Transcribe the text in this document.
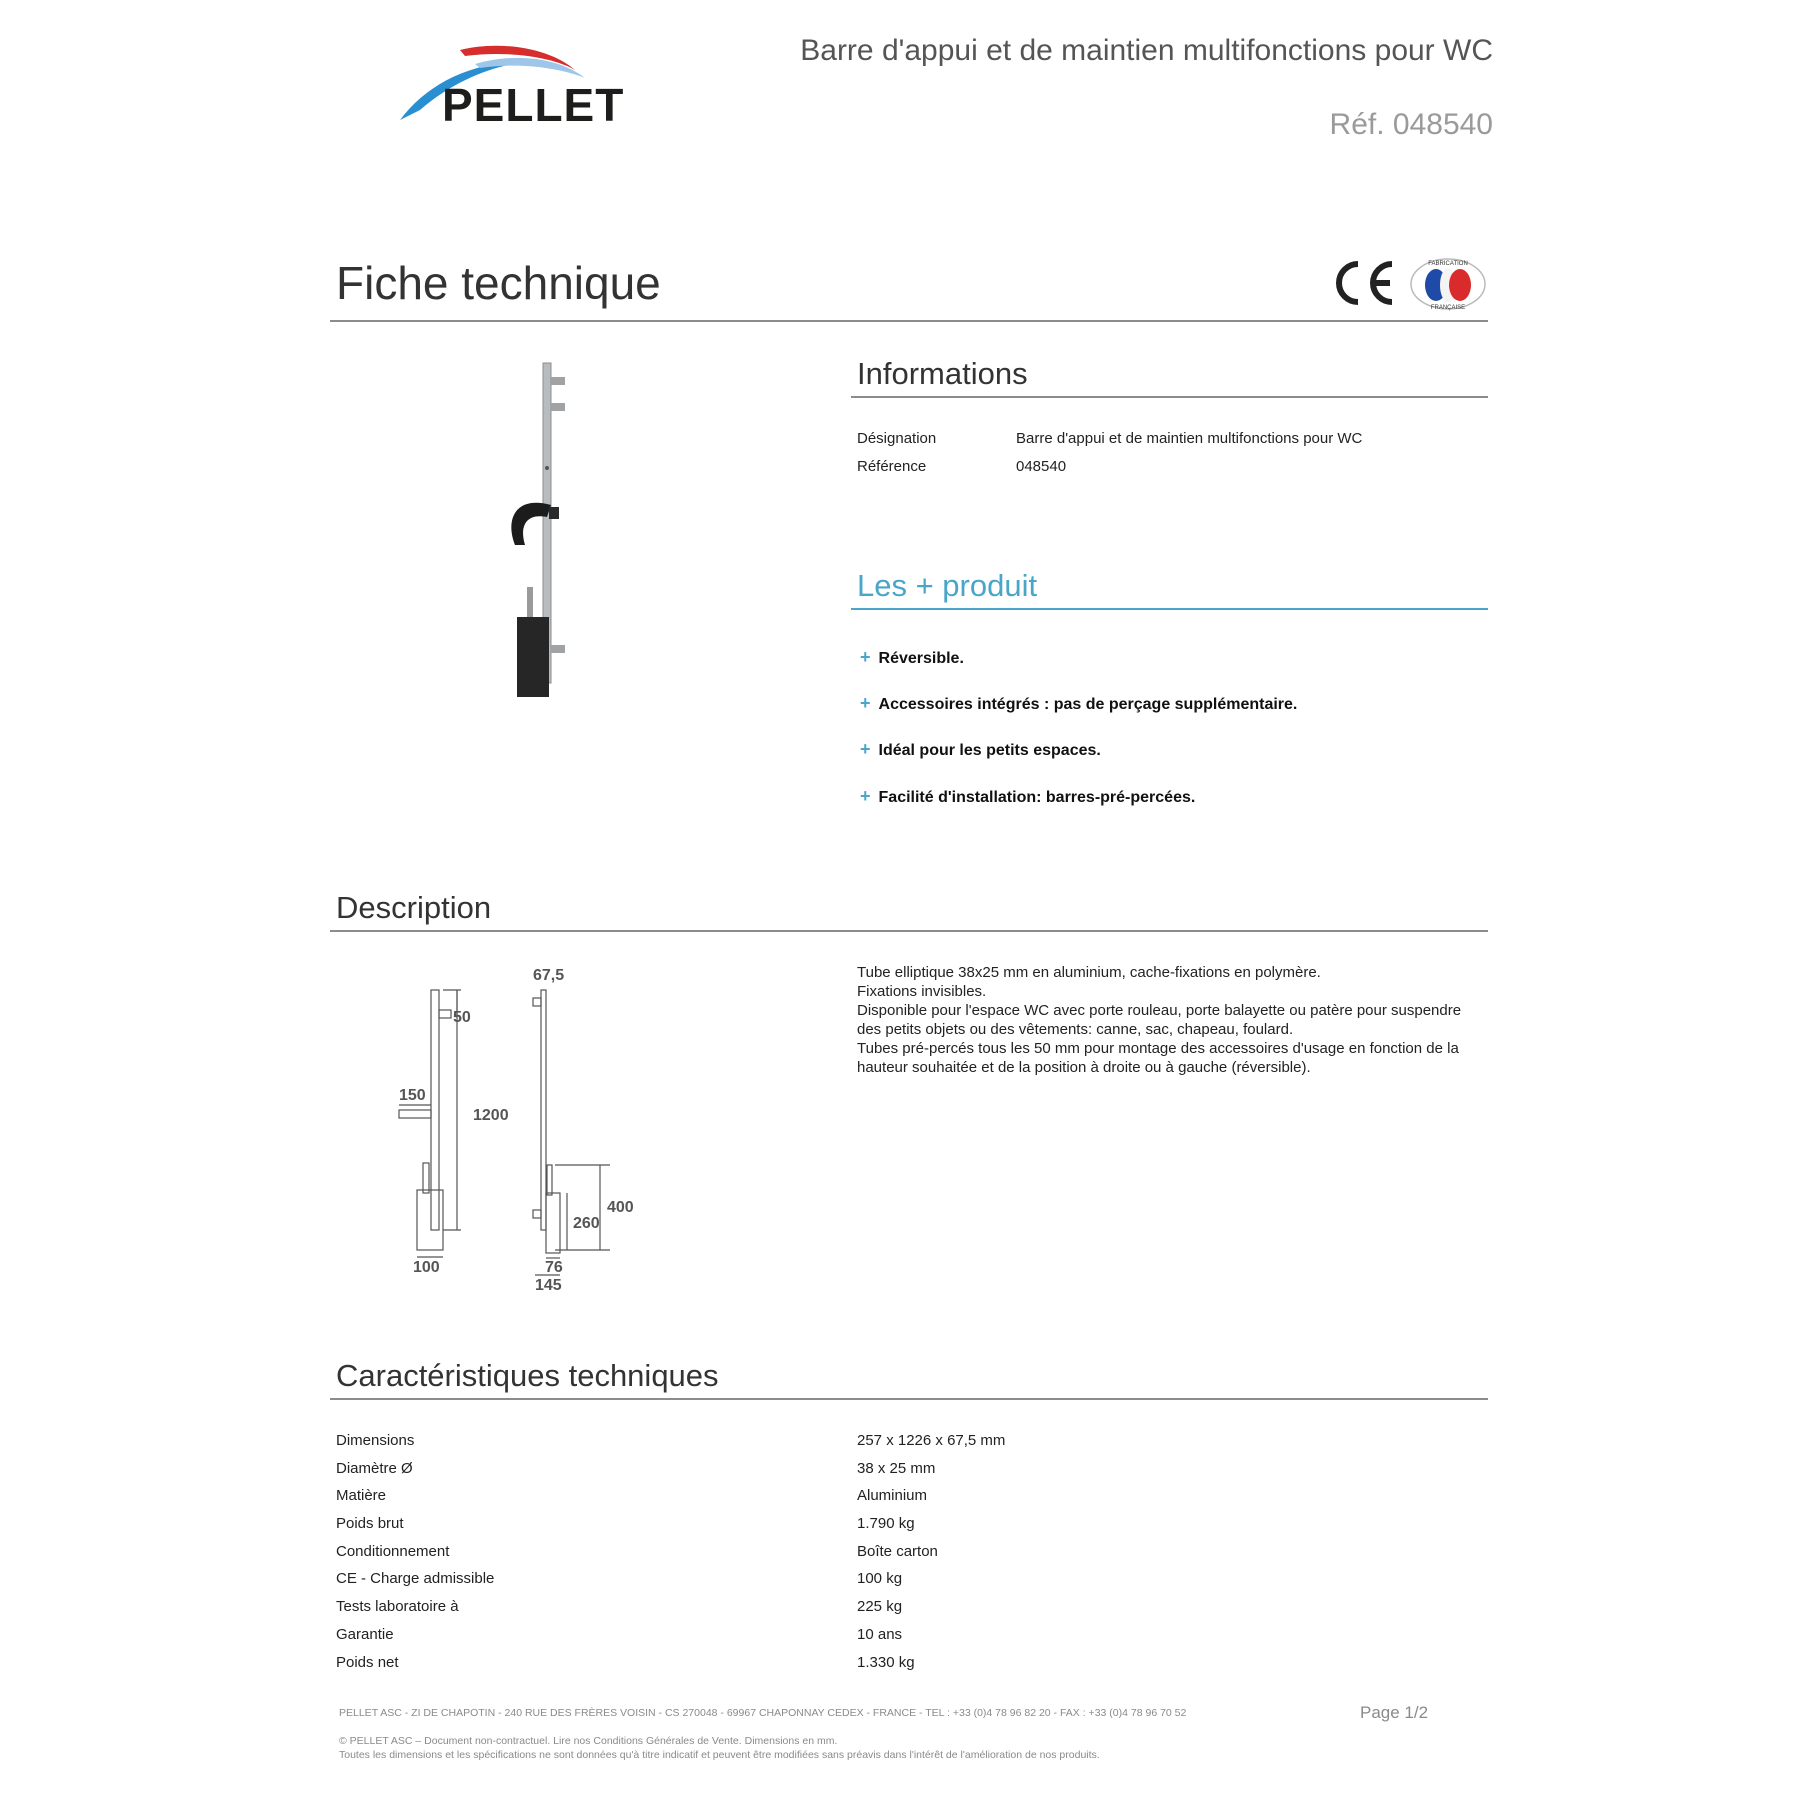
PELLET
Barre d'appui et de maintien multifonctions pour WC
Réf. 048540
Fiche technique	FABRICATION
FRANÇAISE
Informations
Désignation	Barre d'appui et de maintien multifonctions pour WC
Référence	048540
Les + produit
+ Réversible.
+ Accessoires intégrés : pas de perçage supplémentaire.
+ Idéal pour les petits espaces.
+ Facilité d'installation: barres-pré-percées.
Description
67,5
50
150
1200
100
400
260
76
145
Tube elliptique 38x25 mm en aluminium, cache-fixations en polymère.
Fixations invisibles.
Disponible pour l'espace WC avec porte rouleau, porte balayette ou patère pour suspendre des petits objets ou des vêtements: canne, sac, chapeau, foulard.
Tubes pré-percés tous les 50 mm pour montage des accessoires d'usage en fonction de la hauteur souhaitée et de la position à droite ou à gauche (réversible).
Caractéristiques techniques
Dimensions	257 x 1226 x 67,5 mm
Diamètre Ø	38 x 25 mm
Matière	Aluminium
Poids brut	1.790 kg
Conditionnement	Boîte carton
CE - Charge admissible	100 kg
Tests laboratoire à	225 kg
Garantie	10 ans
Poids net	1.330 kg
PELLET ASC - ZI DE CHAPOTIN - 240 RUE DES FRÈRES VOISIN - CS 270048 - 69967 CHAPONNAY CEDEX - FRANCE - TEL : +33 (0)4 78 96 82 20 - FAX : +33 (0)4 78 96 70 52	Page 1/2
© PELLET ASC – Document non-contractuel. Lire nos Conditions Générales de Vente. Dimensions en mm.
Toutes les dimensions et les spécifications ne sont données qu'à titre indicatif et peuvent être modifiées sans préavis dans l'intérêt de l'amélioration de nos produits.
